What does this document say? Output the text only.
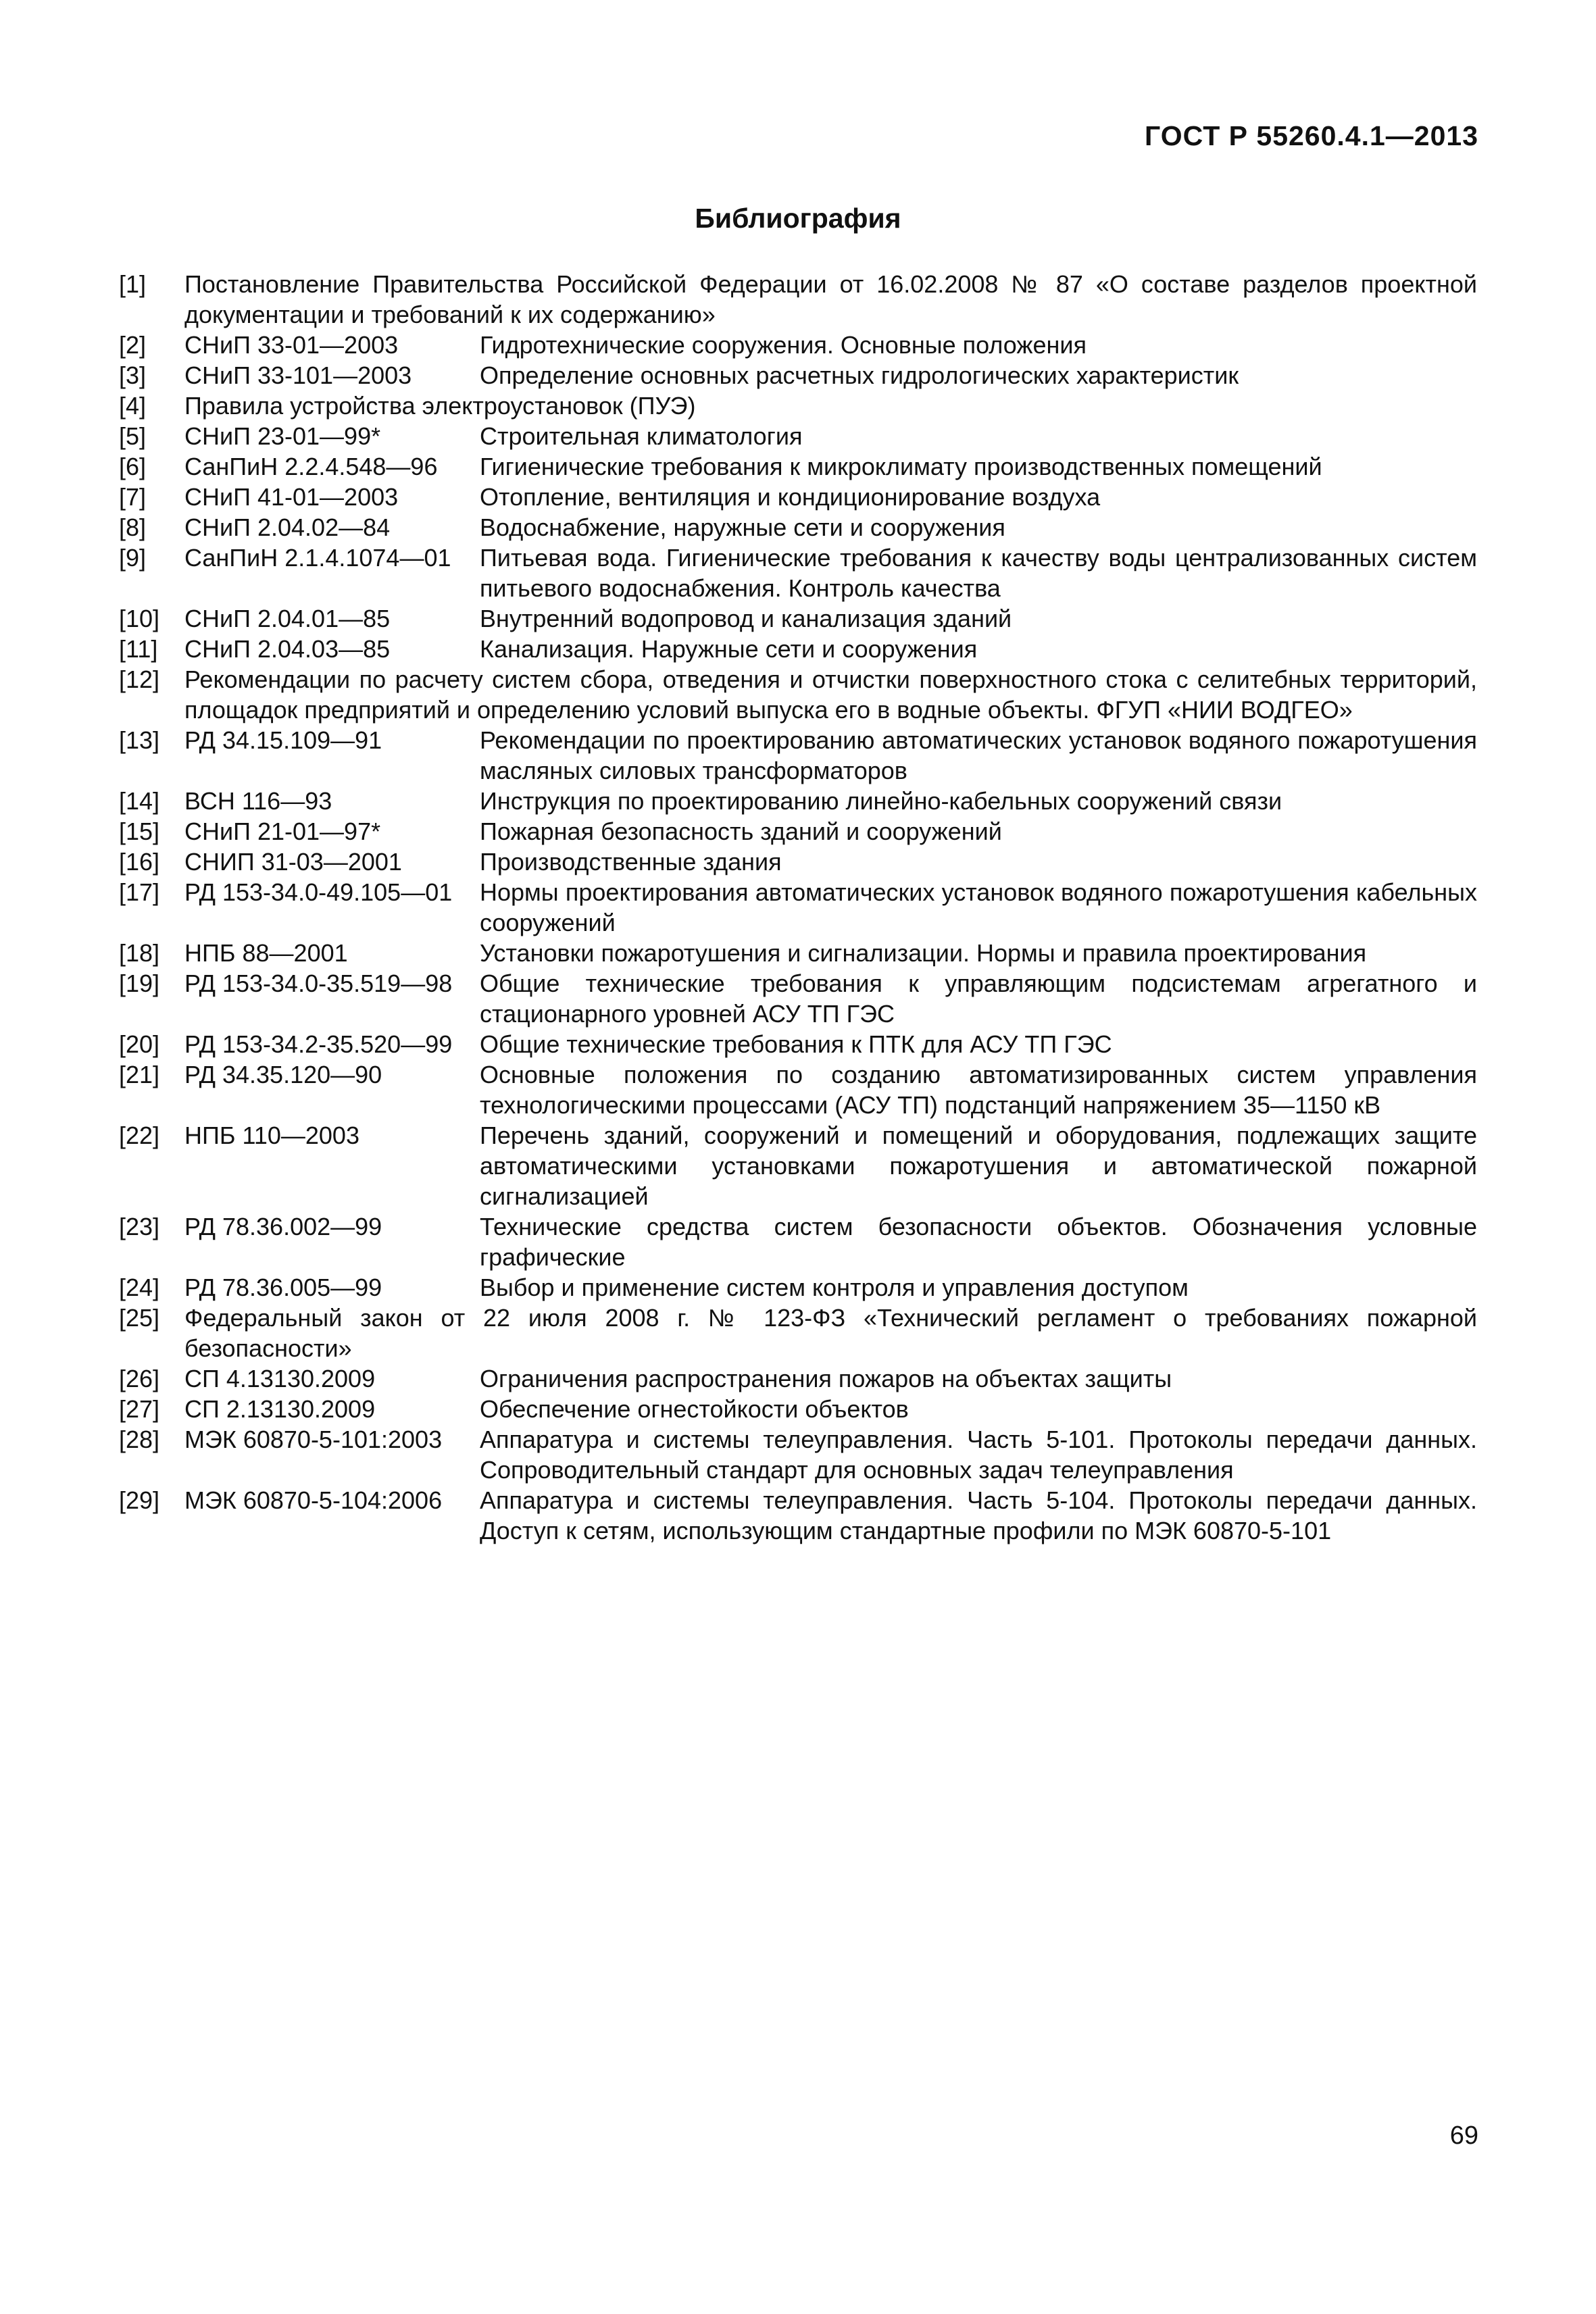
ГОСТ Р 55260.4.1—2013
Библиография
[1] Постановление Правительства Российской Федерации от 16.02.2008 № 87 «О составе разделов проектной документации и требований к их содержанию»
[2] СНиП 33-01—2003	Гидротехнические сооружения. Основные положения
[3] СНиП 33-101—2003	Определение основных расчетных гидрологических характеристик
[4] Правила устройства электроустановок (ПУЭ)
[5] СНиП 23-01—99*	Строительная климатология
[6] СанПиН 2.2.4.548—96	Гигиенические требования к микроклимату производственных помещений
[7] СНиП 41-01—2003	Отопление, вентиляция и кондиционирование воздуха
[8] СНиП 2.04.02—84	Водоснабжение, наружные сети и сооружения
[9] СанПиН 2.1.4.1074—01	Питьевая вода. Гигиенические требования к качеству воды централизованных систем питьевого водоснабжения. Контроль качества
[10] СНиП 2.04.01—85	Внутренний водопровод и канализация зданий
[11] СНиП 2.04.03—85	Канализация. Наружные сети и сооружения
[12] Рекомендации по расчету систем сбора, отведения и отчистки поверхностного стока с селитебных территорий, площадок предприятий и определению условий выпуска его в водные объекты. ФГУП «НИИ ВОДГЕО»
[13] РД 34.15.109—91	Рекомендации по проектированию автоматических установок водяного пожаротушения масляных силовых трансформаторов
[14] ВСН 116—93	Инструкция по проектированию линейно-кабельных сооружений связи
[15] СНиП 21-01—97*	Пожарная безопасность зданий и сооружений
[16] СНИП 31-03—2001	Производственные здания
[17] РД 153-34.0-49.105—01	Нормы проектирования автоматических установок водяного пожаротушения кабельных сооружений
[18] НПБ 88—2001	Установки пожаротушения и сигнализации. Нормы и правила проектирования
[19] РД 153-34.0-35.519—98	Общие технические требования к управляющим подсистемам агрегатного и стационарного уровней АСУ ТП ГЭС
[20] РД 153-34.2-35.520—99	Общие технические требования к ПТК для АСУ ТП ГЭС
[21] РД 34.35.120—90	Основные положения по созданию автоматизированных систем управления технологическими процессами (АСУ ТП) подстанций напряжением 35—1150 кВ
[22] НПБ 110—2003	Перечень зданий, сооружений и помещений и оборудования, подлежащих защите автоматическими установками пожаротушения и автоматической пожарной сигнализацией
[23] РД 78.36.002—99	Технические средства систем безопасности объектов. Обозначения условные графические
[24] РД 78.36.005—99	Выбор и применение систем контроля и управления доступом
[25] Федеральный закон от 22 июля 2008 г. № 123-ФЗ «Технический регламент о требованиях пожарной безопасности»
[26] СП 4.13130.2009	Ограничения распространения пожаров на объектах защиты
[27] СП 2.13130.2009	Обеспечение огнестойкости объектов
[28] МЭК 60870-5-101:2003	Аппаратура и системы телеуправления. Часть 5-101. Протоколы передачи данных. Сопроводительный стандарт для основных задач телеуправления
[29] МЭК 60870-5-104:2006	Аппаратура и системы телеуправления. Часть 5-104. Протоколы передачи данных. Доступ к сетям, использующим стандартные профили по МЭК 60870-5-101
69
